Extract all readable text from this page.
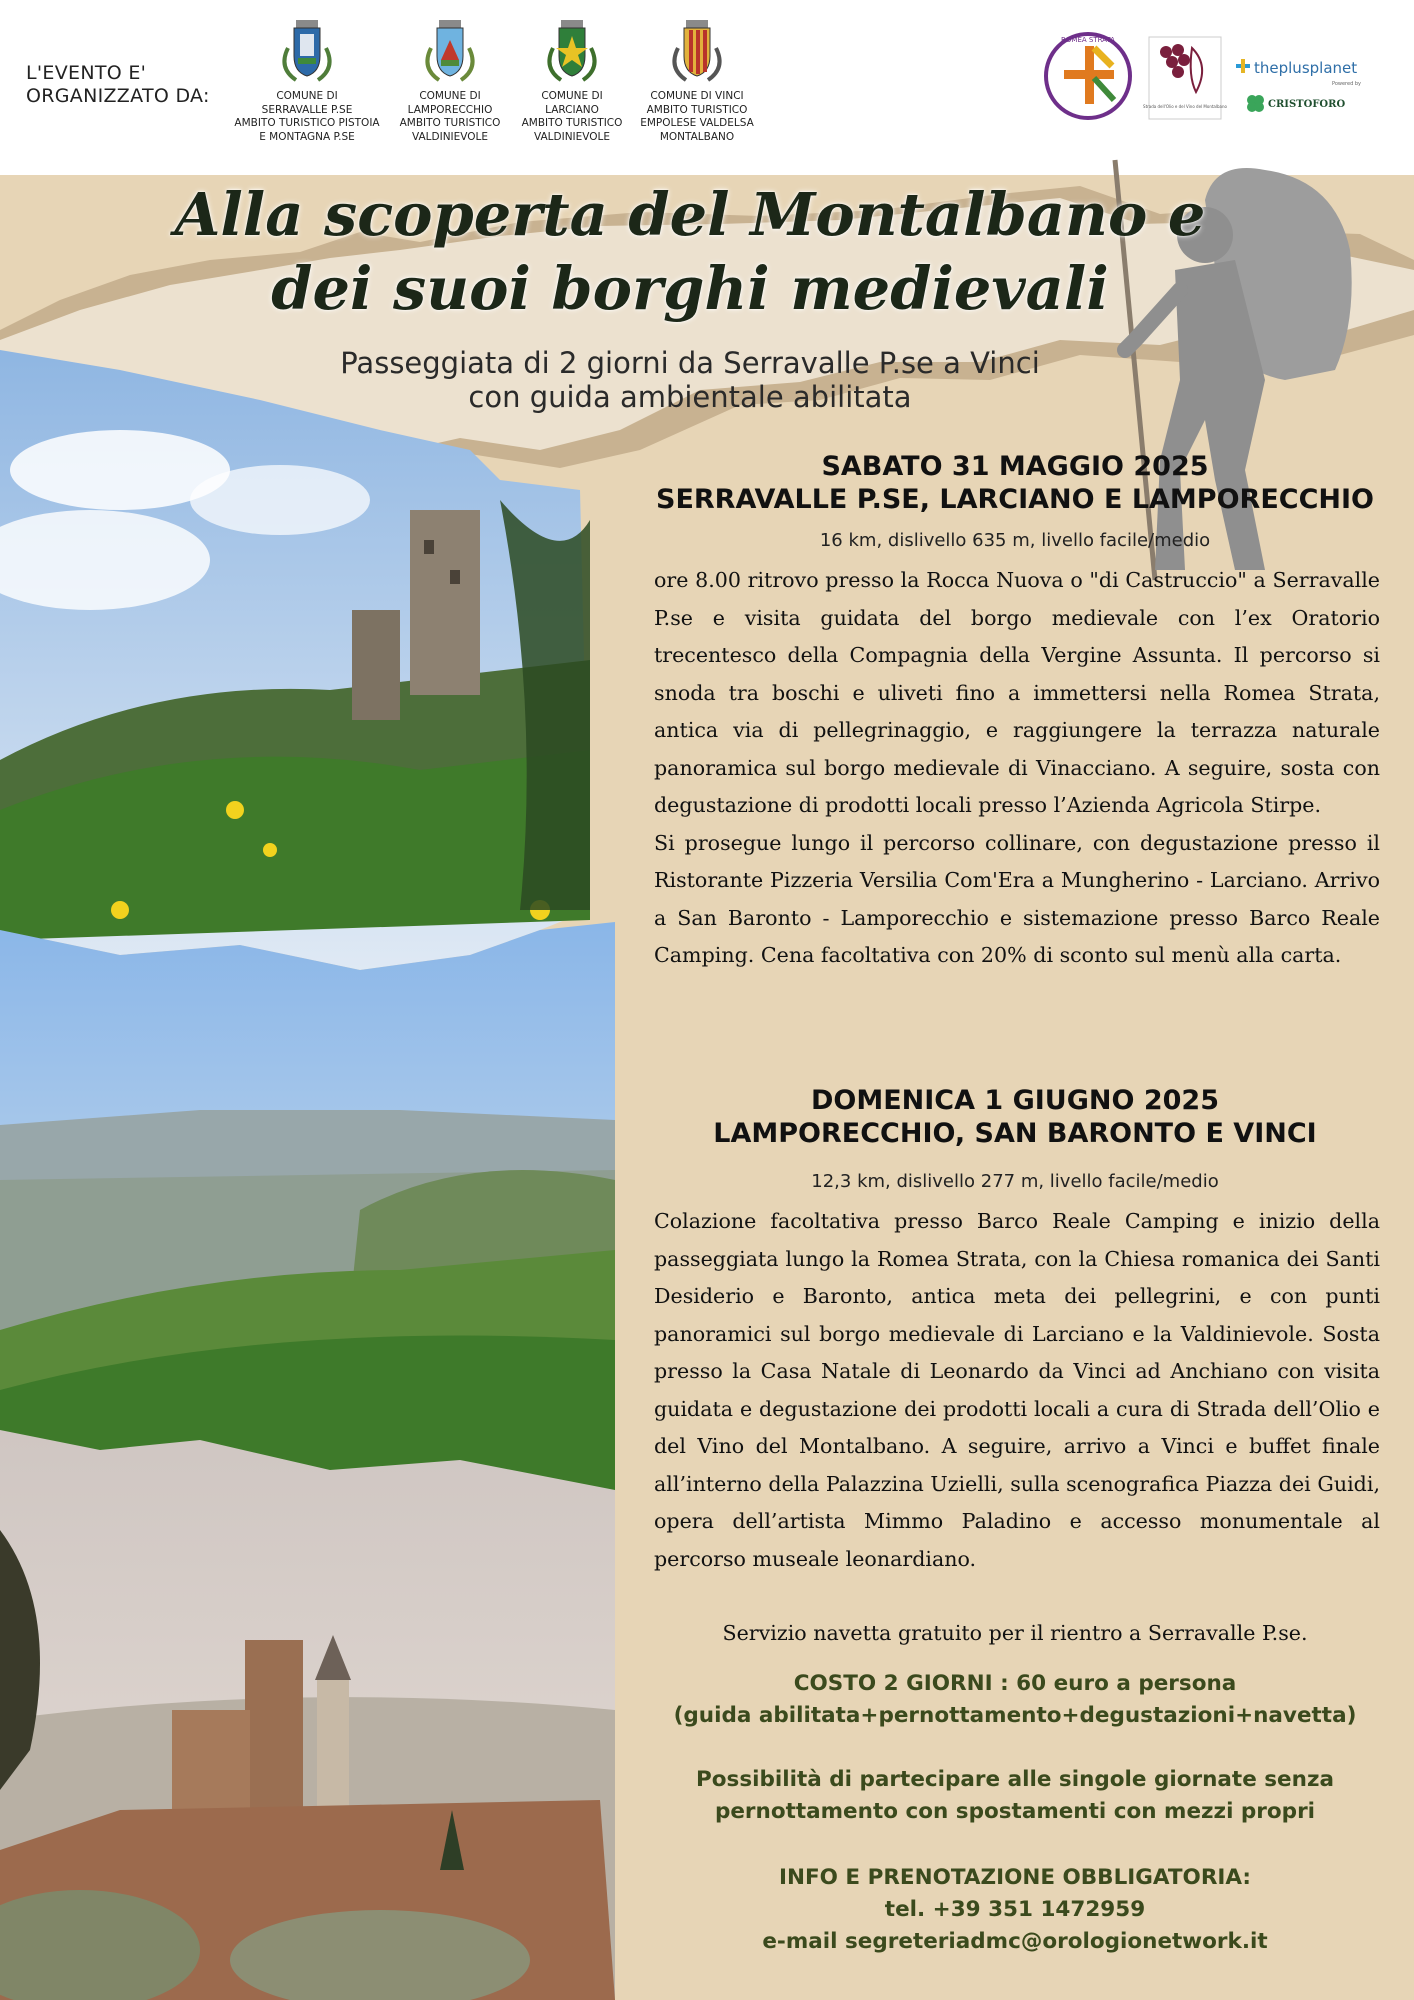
L'EVENTO E' ORGANIZZATO DA:	COMUNE DI
SERRAVALLE P.SE
AMBITO TURISTICO PISTOIA
E MONTAGNA P.SE
COMUNE DI
LAMPORECCHIO
AMBITO TURISTICO
VALDINIEVOLE
COMUNE DI
LARCIANO
AMBITO TURISTICO
VALDINIEVOLE
COMUNE DI VINCI
AMBITO TURISTICO
EMPOLESE VALDELSA
MONTALBANO
ROMEA STRATA
Strada dell'Olio e del Vino del Montalbano
theplusplanet
Powered by
CRISTOFORO
Alla scoperta del Montalbano e
dei suoi borghi medievali
Passeggiata di 2 giorni da Serravalle P.se a Vinci
con guida ambientale abilitata
SABATO 31 MAGGIO 2025
SERRAVALLE P.SE, LARCIANO E LAMPORECCHIO
16 km, dislivello 635 m, livello facile/medio
ore 8.00 ritrovo presso la Rocca Nuova o "di Castruccio" a Serravalle P.se e visita guidata del borgo medievale con l’ex Oratorio trecentesco della Compagnia della Vergine Assunta. Il percorso si snoda tra boschi e uliveti fino a immettersi nella Romea Strata, antica via di pellegrinaggio, e raggiungere la terrazza naturale panoramica sul borgo medievale di Vinacciano. A seguire, sosta con degustazione di prodotti locali presso l’Azienda Agricola Stirpe.
Si prosegue lungo il percorso collinare, con degustazione presso il Ristorante Pizzeria Versilia Com'Era a Mungherino - Larciano. Arrivo a San Baronto - Lamporecchio e sistemazione presso Barco Reale Camping. Cena facoltativa con 20% di sconto sul menù alla carta.
DOMENICA 1 GIUGNO 2025
LAMPORECCHIO, SAN BARONTO E VINCI
12,3 km, dislivello 277 m, livello facile/medio
Colazione facoltativa presso Barco Reale Camping e inizio della passeggiata lungo la Romea Strata, con la Chiesa romanica dei Santi Desiderio e Baronto, antica meta dei pellegrini, e con punti panoramici sul borgo medievale di Larciano e la Valdinievole. Sosta presso la Casa Natale di Leonardo da Vinci ad Anchiano con visita guidata e degustazione dei prodotti locali a cura di Strada dell’Olio e del Vino del Montalbano. A seguire, arrivo a Vinci e buffet finale all’interno della Palazzina Uzielli, sulla scenografica Piazza dei Guidi, opera dell’artista Mimmo Paladino e accesso monumentale al percorso museale leonardiano.
Servizio navetta gratuito per il rientro a Serravalle P.se.
COSTO 2 GIORNI : 60 euro a persona
(guida abilitata+pernottamento+degustazioni+navetta)
Possibilità di partecipare alle singole giornate senza
pernottamento con spostamenti con mezzi propri
INFO E PRENOTAZIONE OBBLIGATORIA:
tel. +39 351 1472959
e-mail segreteriadmc@orologionetwork.it
